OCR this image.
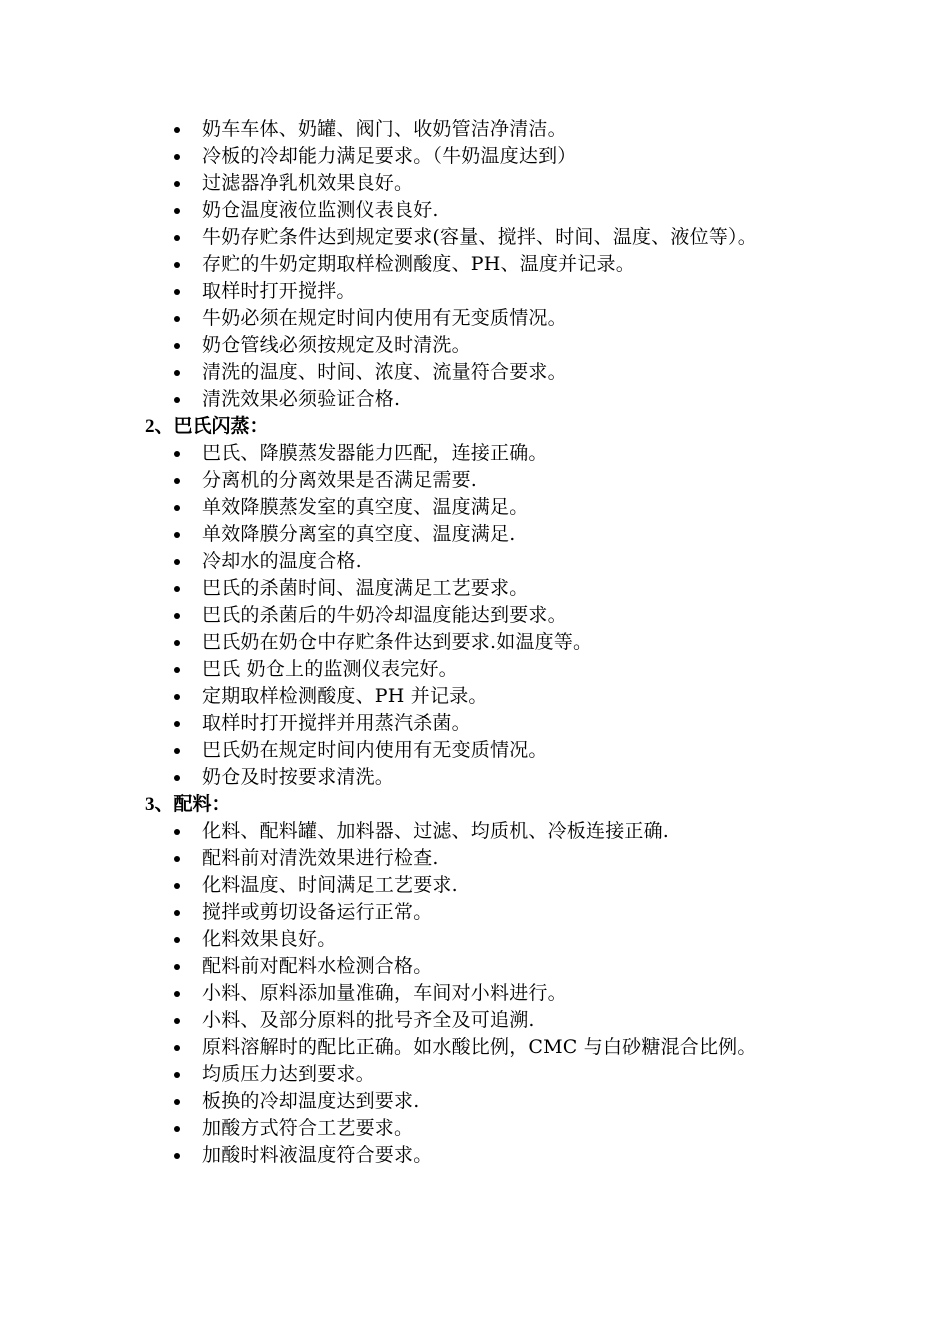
奶车车体、奶罐、阀门、收奶管洁净清洁。
冷板的冷却能力满足要求。（牛奶温度达到）
过滤器净乳机效果良好。
奶仓温度液位监测仪表良好.
牛奶存贮条件达到规定要求(容量、搅拌、时间、温度、液位等）。
存贮的牛奶定期取样检测酸度、PH、温度并记录。
取样时打开搅拌。
牛奶必须在规定时间内使用有无变质情况。
奶仓管线必须按规定及时清洗。
清洗的温度、时间、浓度、流量符合要求。
清洗效果必须验证合格.
2、巴氏闪蒸：
巴氏、降膜蒸发器能力匹配，连接正确。
分离机的分离效果是否满足需要.
单效降膜蒸发室的真空度、温度满足。
单效降膜分离室的真空度、温度满足.
冷却水的温度合格.
巴氏的杀菌时间、温度满足工艺要求。
巴氏的杀菌后的牛奶冷却温度能达到要求。
巴氏奶在奶仓中存贮条件达到要求.如温度等。
巴氏 奶仓上的监测仪表完好。
定期取样检测酸度、PH 并记录。
取样时打开搅拌并用蒸汽杀菌。
巴氏奶在规定时间内使用有无变质情况。
奶仓及时按要求清洗。
3、配料：
化料、配料罐、加料器、过滤、均质机、冷板连接正确.
配料前对清洗效果进行检查.
化料温度、时间满足工艺要求.
搅拌或剪切设备运行正常。
化料效果良好。
配料前对配料水检测合格。
小料、原料添加量准确，车间对小料进行。
小料、及部分原料的批号齐全及可追溯.
原料溶解时的配比正确。如水酸比例，CMC 与白砂糖混合比例。
均质压力达到要求。
板换的冷却温度达到要求.
加酸方式符合工艺要求。
加酸时料液温度符合要求。
